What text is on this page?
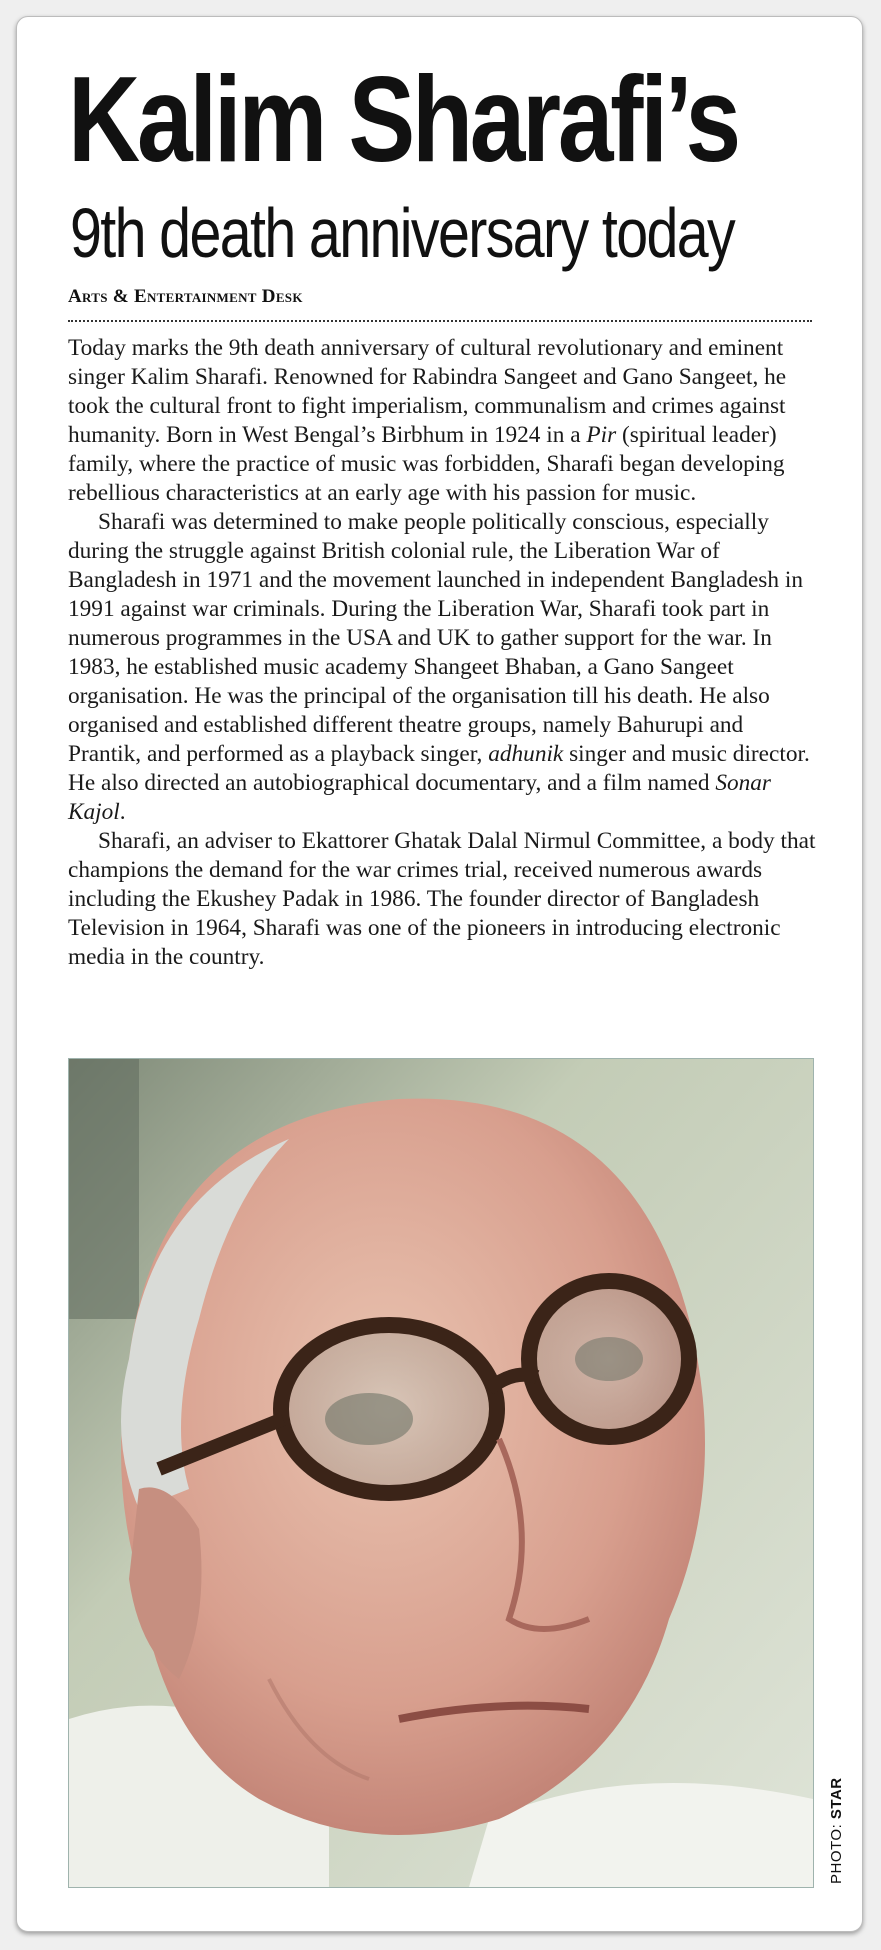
Kalim Sharafi’s
9th death anniversary today
Arts & Entertainment Desk

Today marks the 9th death anniversary of cultural revolutionary and eminent singer Kalim Sharafi. Renowned for Rabindra Sangeet and Gano Sangeet, he took the cultural front to fight imperialism, communalism and crimes against humanity. Born in West Bengal’s Birbhum in 1924 in a Pir (spiritual leader) family, where the practice of music was forbidden, Sharafi began developing rebellious characteristics at an early age with his passion for music.

Sharafi was determined to make people politically conscious, especially during the struggle against British colonial rule, the Liberation War of Bangladesh in 1971 and the movement launched in independent Bangladesh in 1991 against war criminals. During the Liberation War, Sharafi took part in numerous programmes in the USA and UK to gather support for the war. In 1983, he established music academy Shangeet Bhaban, a Gano Sangeet organisation. He was the principal of the organisation till his death. He also organised and established different theatre groups, namely Bahurupi and Prantik, and performed as a playback singer, adhunik singer and music director. He also directed an autobiographical documentary, and a film named Sonar Kajol.

Sharafi, an adviser to Ekattorer Ghatak Dalal Nirmul Committee, a body that champions the demand for the war crimes trial, received numerous awards including the Ekushey Padak in 1986. The founder director of Bangladesh Television in 1964, Sharafi was one of the pioneers in introducing electronic media in the country.

PHOTO: STAR
